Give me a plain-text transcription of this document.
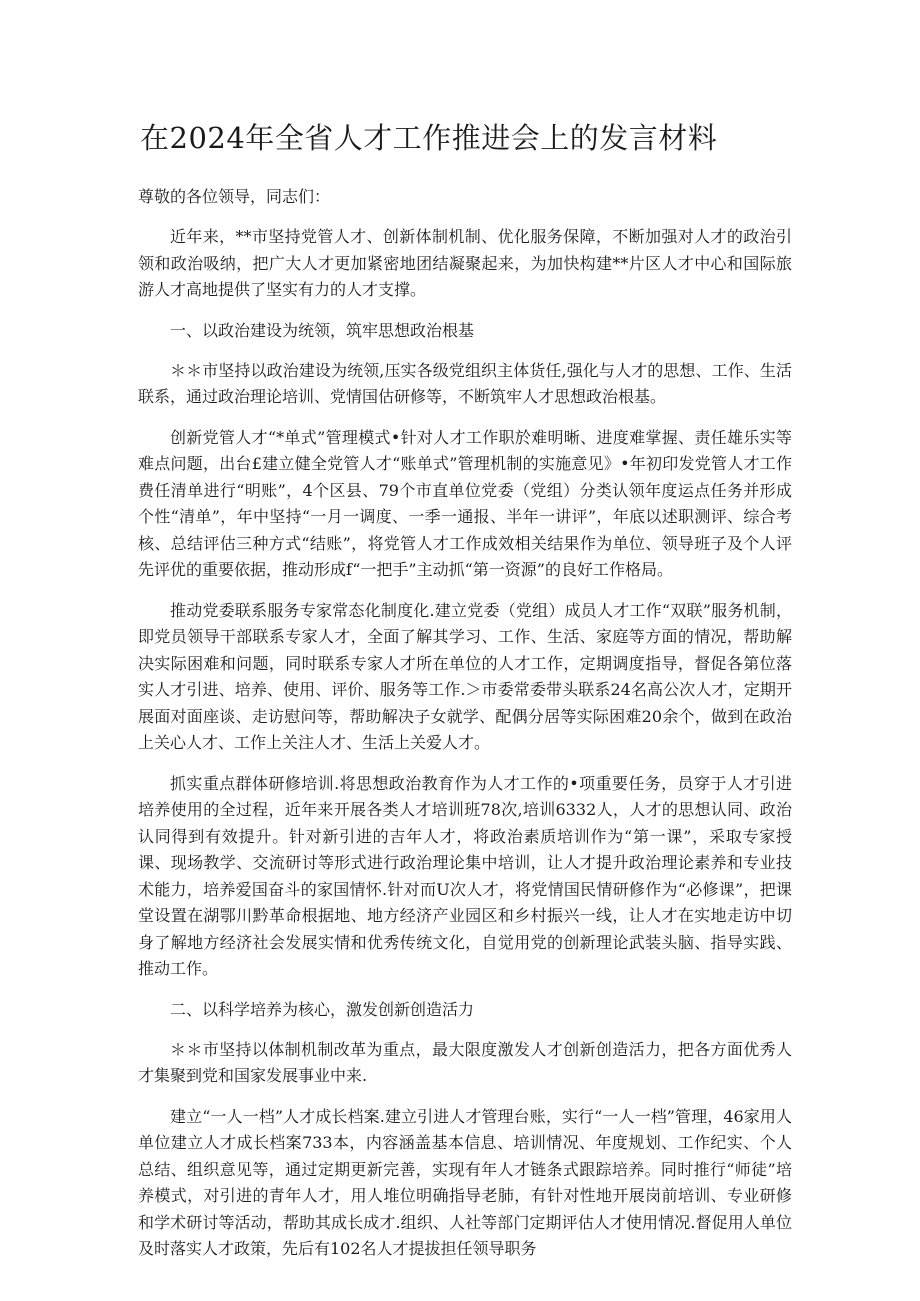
在2024年全省人才工作推进会上的发言材料

尊敬的各位领导，同志们：

近年来，**市坚持党管人才、创新体制机制、优化服务保障，不断加强对人才的政治引领和政治吸纳，把广大人才更加紧密地团结凝聚起来，为加快构建**片区人才中心和国际旅游人才高地提供了坚实有力的人才支撑。

一、以政治建设为统领，筑牢思想政治根基

＊＊市坚持以政治建设为统领,压实各级党组织主体货任,强化与人才的思想、工作、生活联系，通过政治理论培训、党情国估研修等，不断筑牢人才思想政治根基。

创新党管人才“*单式”管理模式•针对人才工作职於难明晰、进度难掌握、责任雄乐实等难点问题，出台£建立健全党管人才“账单式”管理机制的实施意见》•年初印发党管人才工作费任清单进行“明账”，4个区县、79个市直单位党委（党组）分类认领年度运点任务并形成个性“清单”，年中坚持“一月一调度、一季一通报、半年一讲评”，年底以述职测评、综合考核、总结评估三种方式“结账”，将党管人才工作成效相关结果作为单位、领导班子及个人评先评优的重要依据，推动形成f“一把手”主动抓“第一资源”的良好工作格局。

推动党委联系服务专家常态化制度化.建立党委（党组）成员人才工作“双联”服务机制，即党员领导干部联系专家人才，全面了解其学习、工作、生活、家庭等方面的情况，帮助解决实际困难和问题，同时联系专家人才所在单位的人才工作，定期调度指导，督促各第位落实人才引进、培养、使用、评价、服务等工作.＞市委常委带头联系24名高公次人才，定期开展面对面座谈、走访慰问等，帮助解决子女就学、配偶分居等实际困难20余个，做到在政治上关心人才、工作上关注人才、生活上关爱人才。

抓实重点群体研修培训.将思想政治教育作为人才工作的•项重要任务，员穿于人才引进培养使用的全过程，近年来开展各类人才培训班78次,培训6332人，人才的思想认同、政治认同得到有效提升。针对新引进的吉年人才，将政治素质培训作为“第一课”，采取专家授课、现场教学、交流研讨等形式进行政治理论集中培训，让人才提升政治理论素养和专业技术能力，培养爱国奋斗的家国情怀.针对而U次人才，将党情国民情研修作为“必修课”，把课堂设置在湖鄂川黔革命根据地、地方经济产业园区和乡村振兴一线，让人才在实地走访中切身了解地方经济社会发展实情和优秀传统文化，自觉用党的创新理论武装头脑、指导实践、推动工作。

二、以科学培养为核心，激发创新创造活力

＊＊市坚持以体制机制改革为重点，最大限度激发人才创新创造活力，把各方面优秀人才集聚到党和国家发展事业中来.

建立“一人一档”人才成长档案.建立引进人才管理台账，实行“一人一档”管理，46家用人单位建立人才成长档案733本，内容涵盖基本信息、培训情况、年度规划、工作纪实、个人总结、组织意见等，通过定期更新完善，实现有年人才链条式跟踪培养。同时推行“师徒”培养模式，对引进的青年人才，用人堆位明确指导老肺，有针对性地开展岗前培训、专业研修和学术研讨等活动，帮助其成长成才.组织、人社等部门定期评估人才使用情况.督促用人单位及时落实人才政策，先后有102名人才提拔担任领导职务
